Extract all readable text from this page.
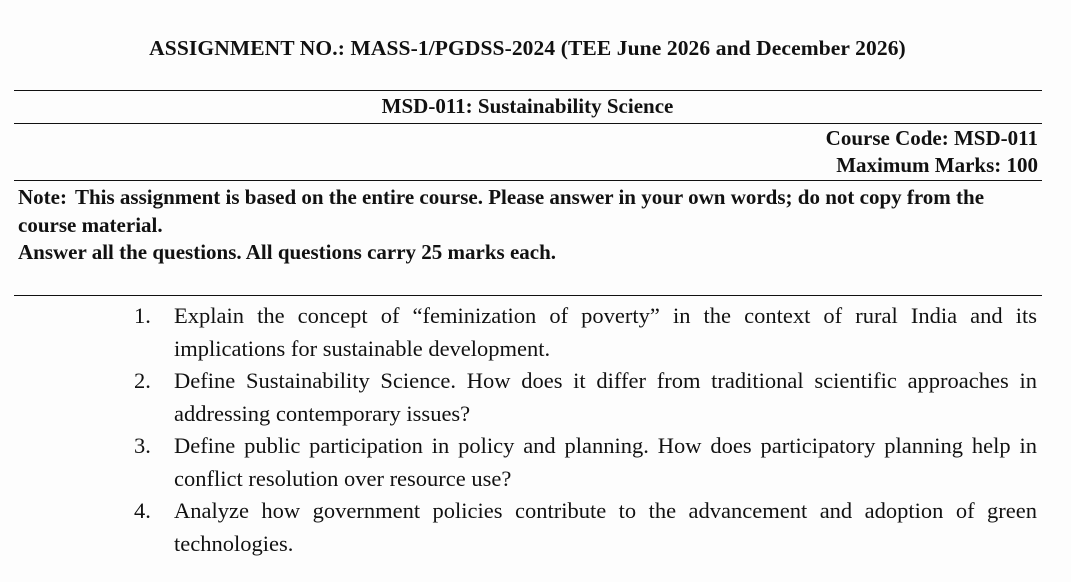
ASSIGNMENT NO.: MASS-1/PGDSS-2024 (TEE June 2026 and December 2026)
MSD-011: Sustainability Science
Course Code: MSD-011
Maximum Marks: 100

Note: This assignment is based on the entire course. Please answer in your own words; do not copy from the course material.

Answer all the questions. All questions carry 25 marks each.

1. Explain the concept of “feminization of poverty” in the context of rural India and its implications for sustainable development.
2. Define Sustainability Science. How does it differ from traditional scientific approaches in addressing contemporary issues?
3. Define public participation in policy and planning. How does participatory planning help in conflict resolution over resource use?
4. Analyze how government policies contribute to the advancement and adoption of green technologies.
